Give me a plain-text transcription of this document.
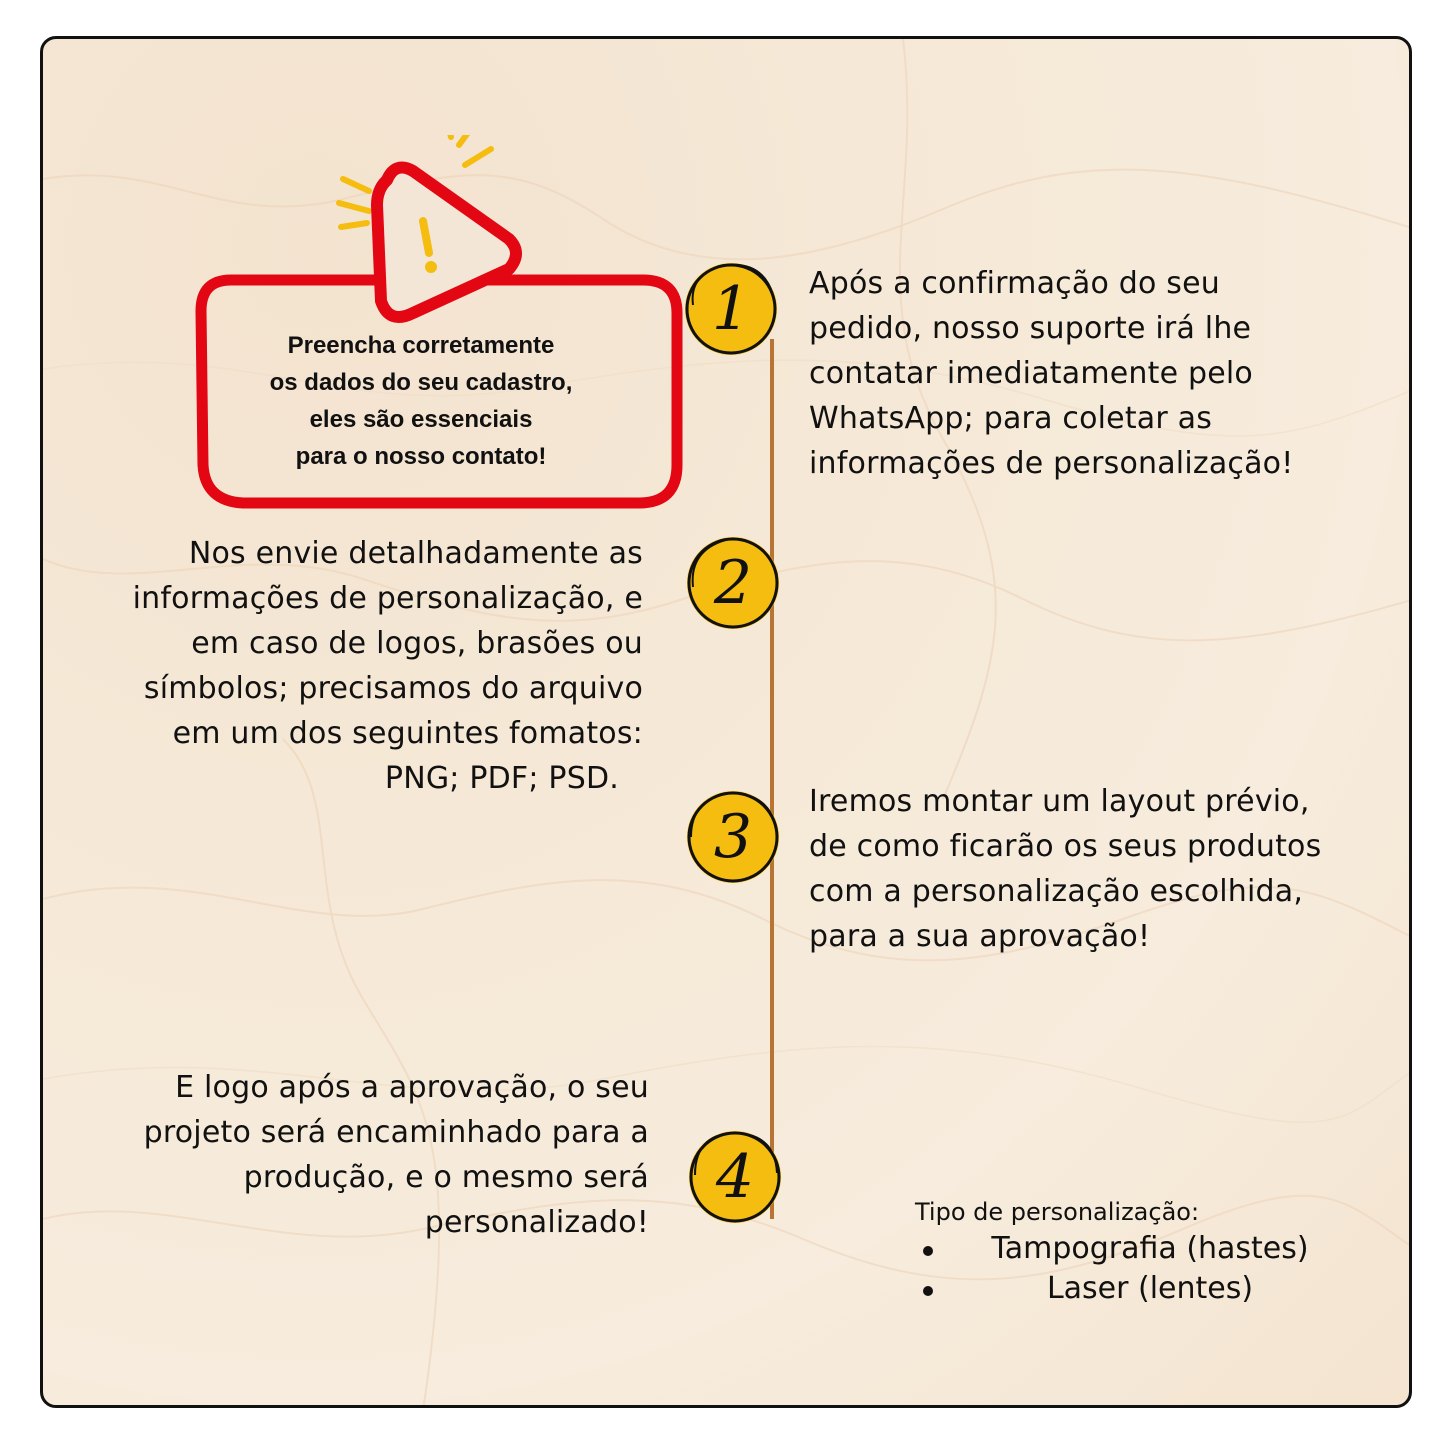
Preencha corretamente
os dados do seu cadastro,
eles são essenciais
para o nosso contato!
1 Após a confirmação do seu
pedido, nosso suporte irá lhe
contatar imediatamente pelo
WhatsApp; para coletar as
informações de personalização!
2
Nos envie detalhadamente as
informações de personalização, e
em caso de logos, brasões ou
símbolos; precisamos do arquivo
em um dos seguintes fomatos:
PNG; PDF; PSD.
3
Iremos montar um layout prévio,
de como ficarão os seus produtos
com a personalização escolhida,
para a sua aprovação!
4
E logo após a aprovação, o seu
projeto será encaminhado para a
produção, e o mesmo será
personalizado!	Tipo de personalização:
Tampografia (hastes)
Laser (lentes)
